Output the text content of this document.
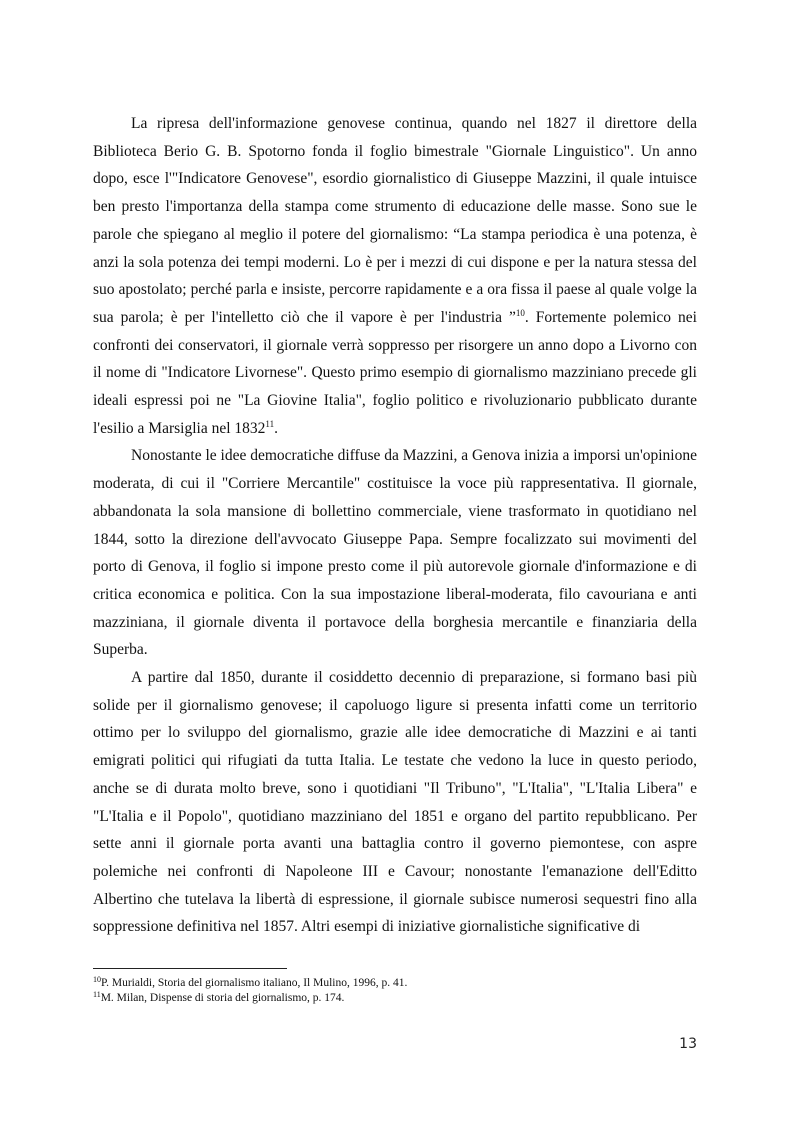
La ripresa dell'informazione genovese continua, quando nel 1827 il direttore della Biblioteca Berio G. B. Spotorno fonda il foglio bimestrale "Giornale Linguistico". Un anno dopo, esce l'"Indicatore Genovese", esordio giornalistico di Giuseppe Mazzini, il quale intuisce ben presto l'importanza della stampa come strumento di educazione delle masse. Sono sue le parole che spiegano al meglio il potere del giornalismo: “La stampa periodica è una potenza, è anzi la sola potenza dei tempi moderni. Lo è per i mezzi di cui dispone e per la natura stessa del suo apostolato; perché parla e insiste, percorre rapidamente e a ora fissa il paese al quale volge la sua parola; è per l'intelletto ciò che il vapore è per l'industria ”$^{10}$. Fortemente polemico nei confronti dei conservatori, il giornale verrà soppresso per risorgere un anno dopo a Livorno con il nome di "Indicatore Livornese". Questo primo esempio di giornalismo mazziniano precede gli ideali espressi poi ne "La Giovine Italia", foglio politico e rivoluzionario pubblicato durante l'esilio a Marsiglia nel 1832$^{11}$.

Nonostante le idee democratiche diffuse da Mazzini, a Genova inizia a imporsi un'opinione moderata, di cui il "Corriere Mercantile" costituisce la voce più rappresentativa. Il giornale, abbandonata la sola mansione di bollettino commerciale, viene trasformato in quotidiano nel 1844, sotto la direzione dell'avvocato Giuseppe Papa. Sempre focalizzato sui movimenti del porto di Genova, il foglio si impone presto come il più autorevole giornale d'informazione e di critica economica e politica. Con la sua impostazione liberal-moderata, filo cavouriana e anti mazziniana, il giornale diventa il portavoce della borghesia mercantile e finanziaria della Superba.

A partire dal 1850, durante il cosiddetto decennio di preparazione, si formano basi più solide per il giornalismo genovese; il capoluogo ligure si presenta infatti come un territorio ottimo per lo sviluppo del giornalismo, grazie alle idee democratiche di Mazzini e ai tanti emigrati politici qui rifugiati da tutta Italia. Le testate che vedono la luce in questo periodo, anche se di durata molto breve, sono i quotidiani "Il Tribuno", "L'Italia", "L'Italia Libera" e "L'Italia e il Popolo", quotidiano mazziniano del 1851 e organo del partito repubblicano. Per sette anni il giornale porta avanti una battaglia contro il governo piemontese, con aspre polemiche nei confronti di Napoleone III e Cavour; nonostante l'emanazione dell'Editto Albertino che tutelava la libertà di espressione, il giornale subisce numerosi sequestri fino alla soppressione definitiva nel 1857. Altri esempi di iniziative giornalistiche significative di

$^{10}$P. Murialdi, Storia del giornalismo italiano, Il Mulino, 1996, p. 41.
$^{11}$M. Milan, Dispense di storia del giornalismo, p. 174.
13
